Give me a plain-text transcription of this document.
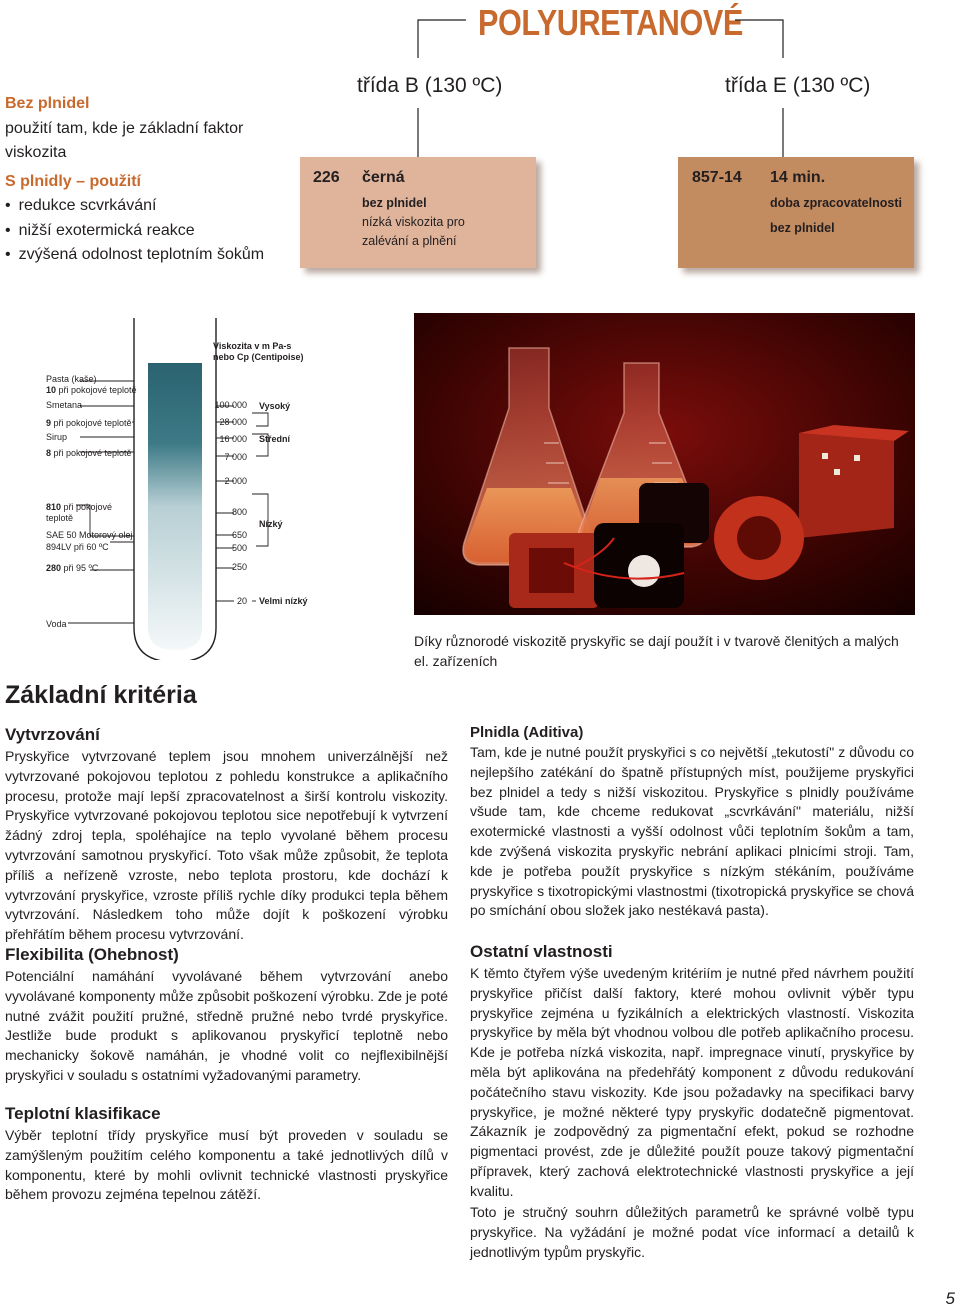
POLYURETANOVÉ
třída B (130 ºC)	třída E (130 ºC)
Bez plnidel
použití tam, kde je základní faktor viskozita
S plnidly – použití
• redukce scvrkávání
• nižší exotermická reakce
• zvýšená odolnost teplotním šokům
226 černá
bez plnidel
nízká viskozita pro
zalévání a plnění
857-14 14 min.
doba zpracovatelnosti
bez plnidel
Viskozita v m Pa-s
nebo Cp (Centipoise)
Pasta (kaše)
10 při pokojové teplotě
Smetana
9 při pokojové teplotě
Sirup
8 při pokojové teplotě
810 při pokojové
teplotě
SAE 50 Motorový olej
894LV při 60 ºC
280 při 95 ºC
Voda
100 000
28 000
16 000
7 000
2 000
800
650
500
250
20
Vysoký
Střední
Nízký
Velmi nízký
Díky různorodé viskozitě pryskyřic se dají použít i v tvarově členitých a malých el. zařízeních
Základní kritéria
Vytvrzování
Pryskyřice vytvrzované teplem jsou mnohem univerzálnější než vytvrzované pokojovou teplotou z pohledu konstrukce a aplikačního procesu, protože mají lepší zpracovatelnost a širší kontrolu viskozity. Pryskyřice vytvrzované pokojovou teplotou sice nepotřebují k vytvrzení žádný zdroj tepla, spoléhajíce na teplo vyvolané během procesu vytvrzování samotnou pryskyřicí. Toto však může způsobit, že teplota příliš a neřízeně vzroste, nebo teplota prostoru, kde dochází k vytvrzování pryskyřice, vzroste příliš rychle díky produkci tepla během vytvrzování. Následkem toho může dojít k poškození výrobku přehřátím během procesu vytvrzování.
Flexibilita (Ohebnost)
Potenciální namáhání vyvolávané během vytvrzování anebo vyvolávané komponenty může způsobit poškození výrobku. Zde je poté nutné zvážit použití pružné, středně pružné nebo tvrdé pryskyřice. Jestliže bude produkt s aplikovanou pryskyřicí teplotně nebo mechanicky šokově namáhán, je vhodné volit co nejflexibilnější pryskyřici v souladu s ostatními vyžadovanými parametry.
Teplotní klasifikace
Výběr teplotní třídy pryskyřice musí být proveden v souladu se zamýšleným použitím celého komponentu a také jednotlivých dílů v komponentu, které by mohli ovlivnit technické vlastnosti pryskyřice během provozu zejména tepelnou zátěží.
Plnidla (Aditiva)
Tam, kde je nutné použít pryskyřici s co největší „tekutostí" z důvodu co nejlepšího zatékání do špatně přístupných míst, použijeme pryskyřici bez plnidel a tedy s nižší viskozitou. Pryskyřice s plnidly používáme všude tam, kde chceme redukovat „scvrkávání" materiálu, nižší exotermické vlastnosti a vyšší odolnost vůči teplotním šokům a tam, kde zvýšená viskozita pryskyřic nebrání aplikaci plnicími stroji. Tam, kde je potřeba použít pryskyřice s nízkým stékáním, používáme pryskyřice s tixotropickými vlastnostmi (tixotropická pryskyřice se chová po smíchání obou složek jako nestékavá pasta).
Ostatní vlastnosti
K těmto čtyřem výše uvedeným kritériím je nutné před návrhem použití pryskyřice přičíst další faktory, které mohou ovlivnit výběr typu pryskyřice zejména u fyzikálních a elektrických vlastností. Viskozita pryskyřice by měla být vhodnou volbou dle potřeb aplikačního procesu. Kde je potřeba nízká viskozita, např. impregnace vinutí, pryskyřice by měla být aplikována na předehřátý komponent z důvodu redukování počátečního stavu viskozity. Kde jsou požadavky na specifikaci barvy pryskyřice, je možné některé typy pryskyřic dodatečně pigmentovat. Zákazník je zodpovědný za pigmentační efekt, pokud se rozhodne pigmentaci provést, zde je důležité použít pouze takový pigmentační přípravek, který zachová elektrotechnické vlastnosti pryskyřice a její kvalitu.
Toto je stručný souhrn důležitých parametrů ke správné volbě typu pryskyřice. Na vyžádání je možné podat více informací a detailů k jednotlivým typům pryskyřic.
5
